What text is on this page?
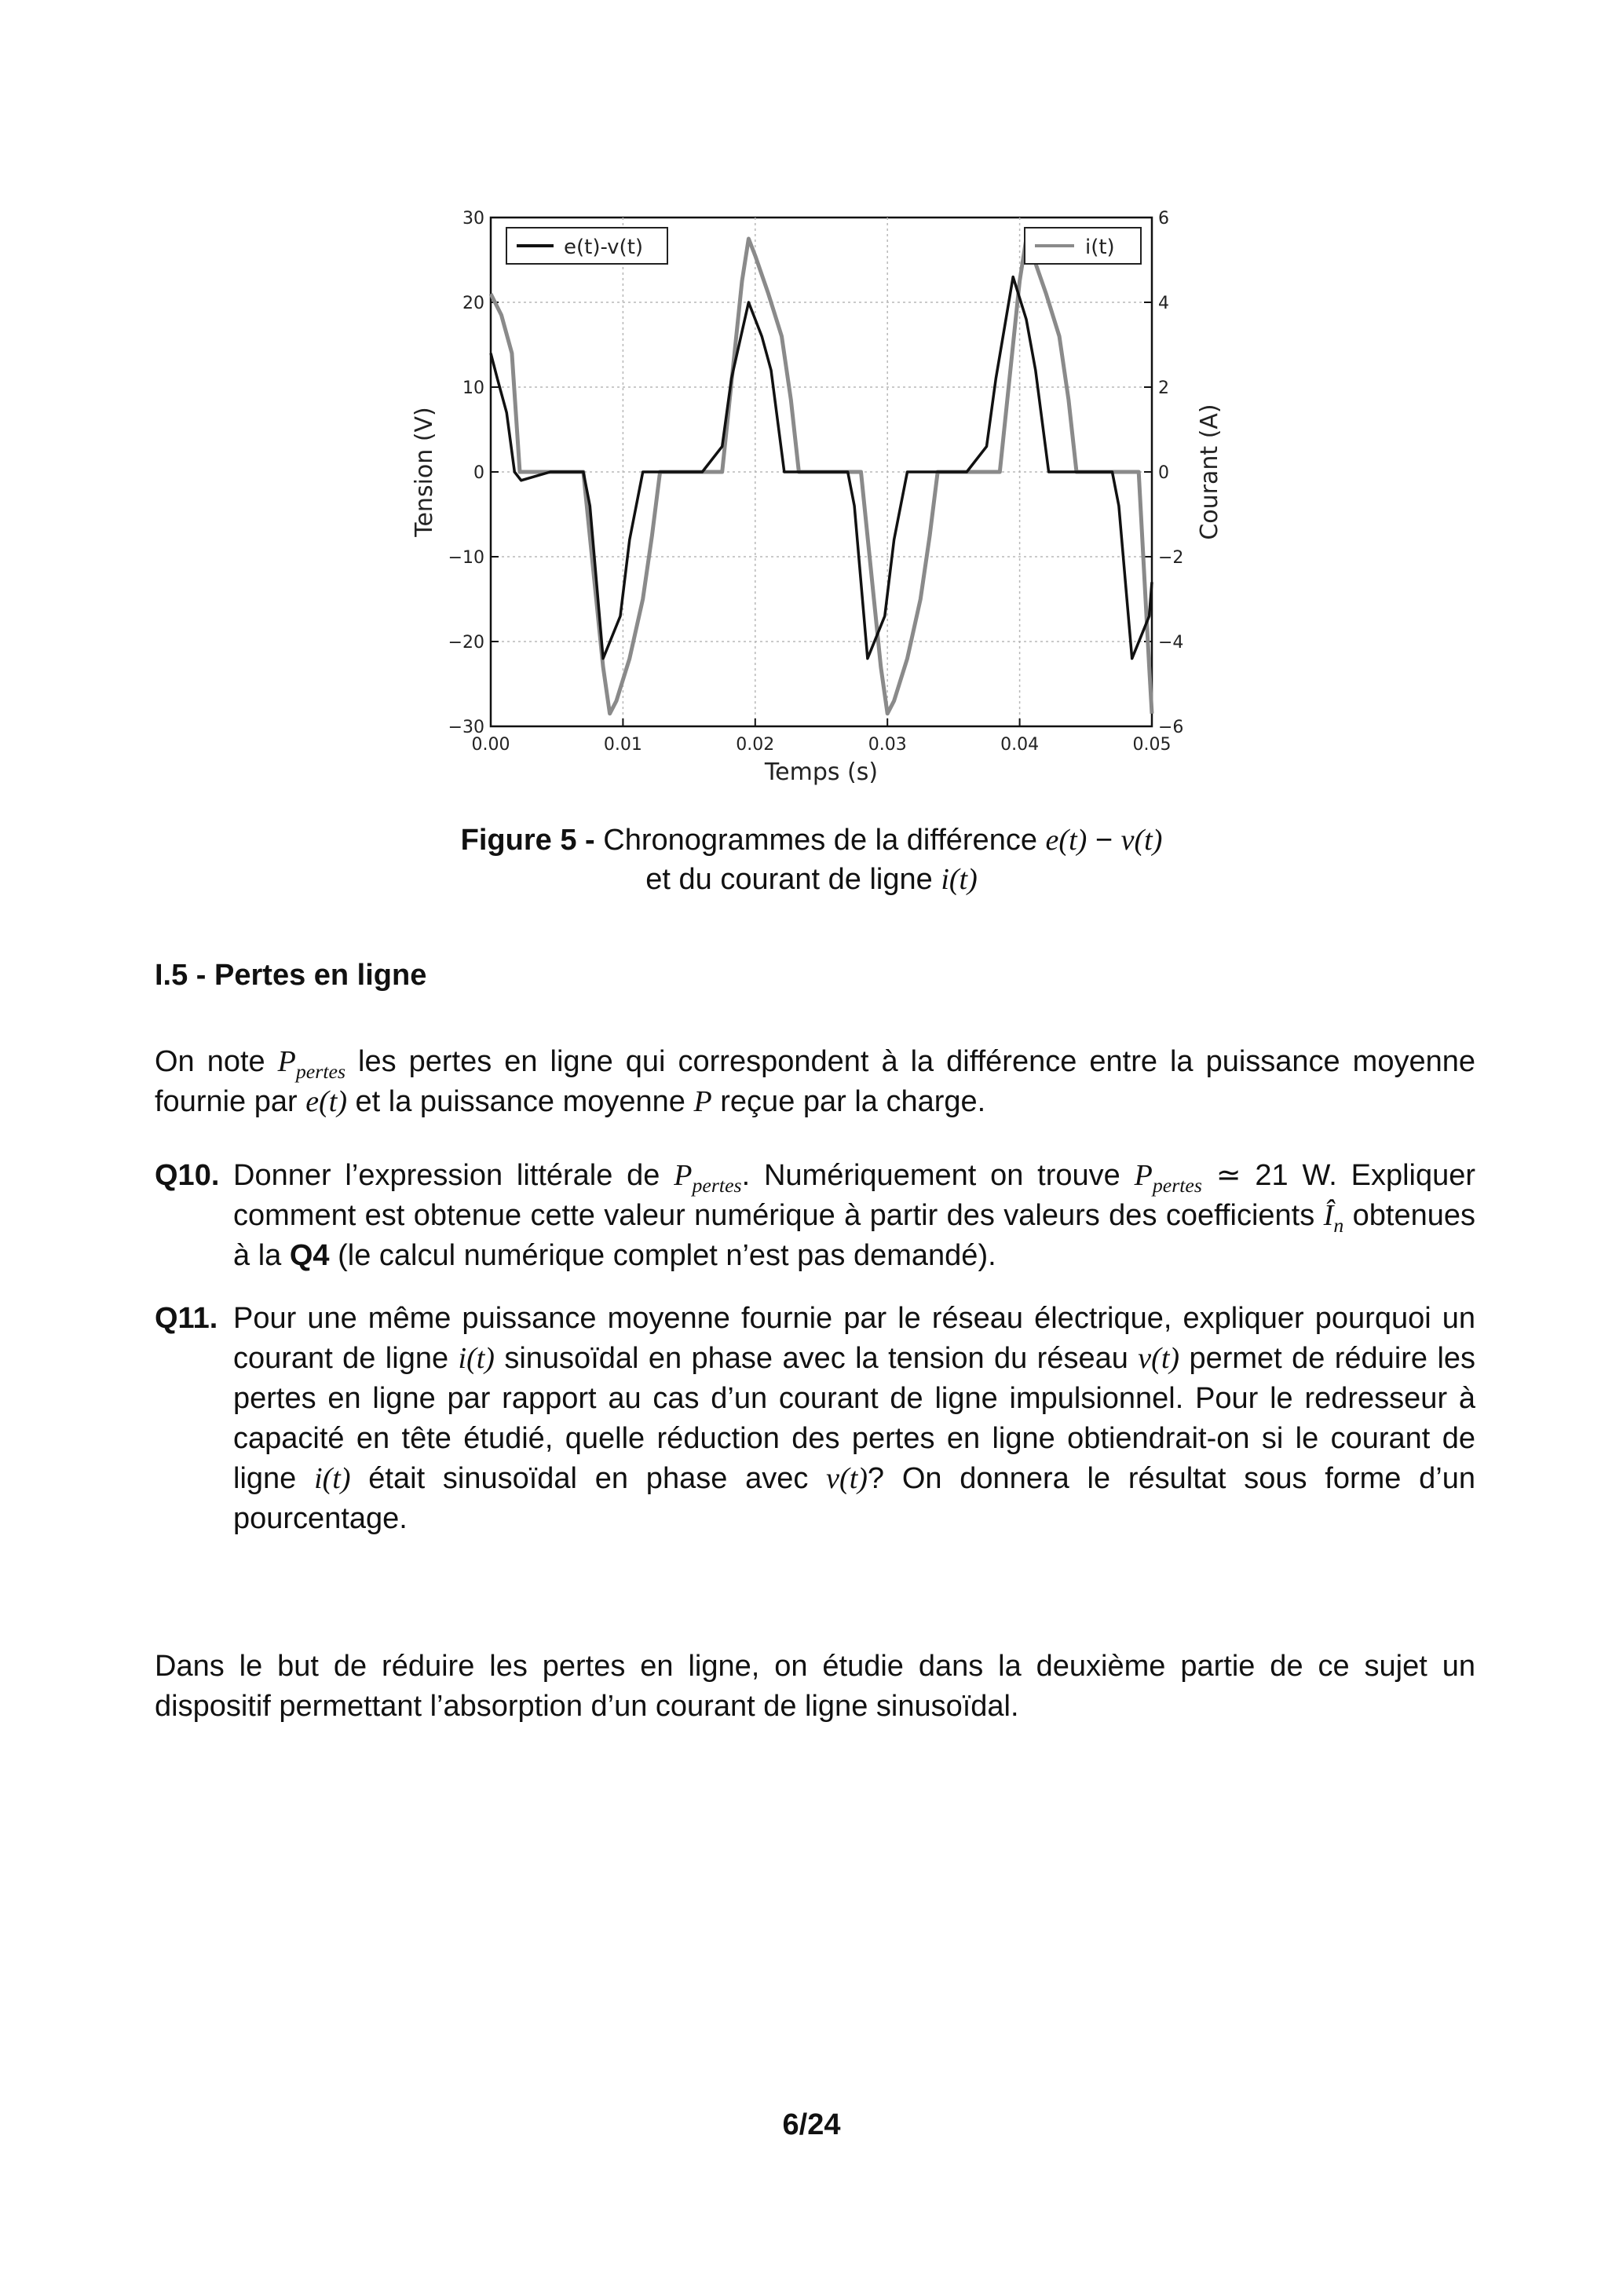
0.00	0.01	0.02	0.03	0.04	0.05
30	6
20	4
10	2
0	0
−10	−2
−20	−4
−30	−6
e(t)-v(t)	i(t)
Temps (s)
Tension (V)	Courant (A)
Figure 5 - Chronogrammes de la différence e(t) − v(t)
et du courant de ligne i(t)
I.5 - Pertes en ligne
On note $P_{pertes}$ les pertes en ligne qui correspondent à la différence entre la puissance moyenne fournie par e(t) et la puissance moyenne P reçue par la charge.
Q10. Donner l’expression littérale de $P_{pertes}$. Numériquement on trouve $P_{pertes}$ ≃ 21 W. Expliquer comment est obtenue cette valeur numérique à partir des valeurs des coefficients $Î_n$ obtenues à la Q4 (le calcul numérique complet n’est pas demandé).
Q11. Pour une même puissance moyenne fournie par le réseau électrique, expliquer pourquoi un courant de ligne i(t) sinusoïdal en phase avec la tension du réseau v(t) permet de réduire les pertes en ligne par rapport au cas d’un courant de ligne impulsionnel. Pour le redresseur à capacité en tête étudié, quelle réduction des pertes en ligne obtiendrait-on si le courant de ligne i(t) était sinusoïdal en phase avec v(t)? On donnera le résultat sous forme d’un pourcentage.
Dans le but de réduire les pertes en ligne, on étudie dans la deuxième partie de ce sujet un dispositif permettant l’absorption d’un courant de ligne sinusoïdal.
6/24
